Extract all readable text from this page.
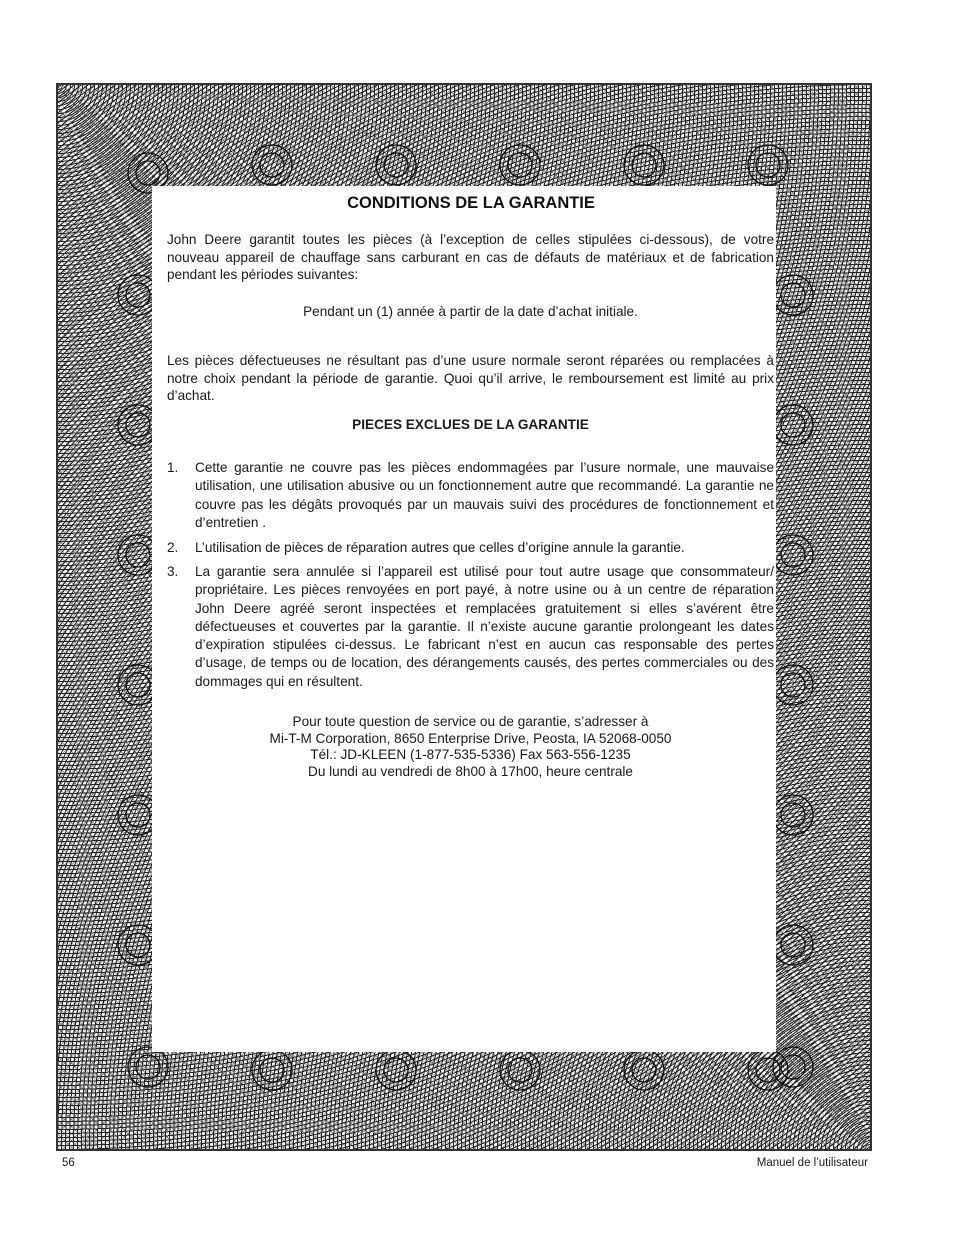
CONDITIONS DE LA GARANTIE

John Deere garantit toutes les pièces (à l’exception de celles stipulées ci-dessous), de votre nouveau appareil de chauffage sans carburant en cas de défauts de matériaux et de fabrication pendant les périodes suivantes:

Pendant un (1) année à partir de la date d’achat initiale.

Les pièces défectueuses ne résultant pas d’une usure normale seront réparées ou remplacées à notre choix pendant la période de garantie. Quoi qu’il arrive, le remboursement est limité au prix d’achat.

PIECES EXCLUES DE LA GARANTIE
1. Cette garantie ne couvre pas les pièces endommagées par l’usure normale, une mauvaise utilisation, une utilisation abusive ou un fonctionnement autre que recommandé. La garantie ne couvre pas les dégâts provoqués par un mauvais suivi des procédures de fonctionnement et d’entretien .
2. L’utilisation de pièces de réparation autres que celles d’origine annule la garantie.
3. La garantie sera annulée si l’appareil est utilisé pour tout autre usage que consommateur/ propriétaire. Les pièces renvoyées en port payé, à notre usine ou à un centre de réparation John Deere agréé seront inspectées et remplacées gratuitement si elles s’avérent être défectueuses et couvertes par la garantie. Il n’existe aucune garantie prolongeant les dates d’expiration stipulées ci-dessus. Le fabricant n’est en aucun cas responsable des pertes d’usage, de temps ou de location, des dérangements causés, des pertes commerciales ou des dommages qui en résultent.
Pour toute question de service ou de garantie, s’adresser à
Mi-T-M Corporation, 8650 Enterprise Drive, Peosta, IA 52068-0050
Tél.: JD-KLEEN (1-877-535-5336) Fax 563-556-1235
Du lundi au vendredi de 8h00 à 17h00, heure centrale
56	Manuel de l’utilisateur
